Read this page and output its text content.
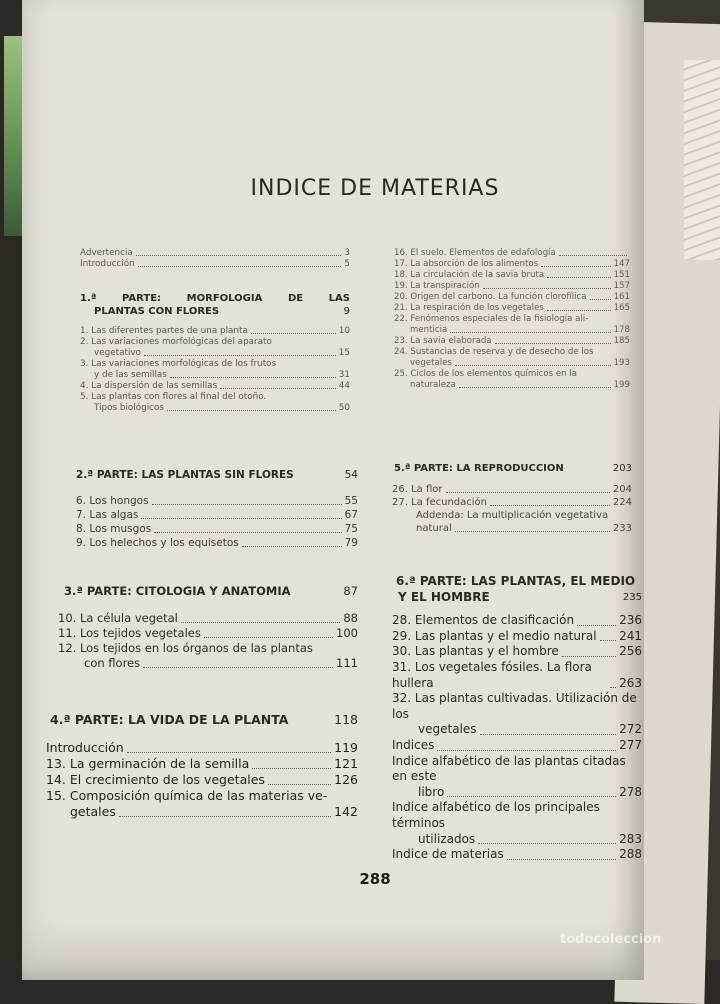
INDICE DE MATERIAS
Advertencia	3
Introducción	5
1.ª PARTE: MORFOLOGIA DE LAS
PLANTAS CON FLORES	9
1. Las diferentes partes de una planta	10
2. Las variaciones morfológicas del aparato
vegetativo	15
3. Las variaciones morfológicas de los frutos
y de las semillas	31
4. La dispersión de las semillas	44
5. Las plantas con flores al final del otoño.
Tipos biológicos	50
2.ª PARTE: LAS PLANTAS SIN FLORES	54
6. Los hongos	55
7. Las algas	67
8. Los musgos	75
9. Los helechos y los equisetos	79
3.ª PARTE: CITOLOGIA Y ANATOMIA	87
10. La célula vegetal	88
11. Los tejidos vegetales	100
12. Los tejidos en los órganos de las plantas
con flores	111
4.ª PARTE: LA VIDA DE LA PLANTA	118
Introducción	119
13. La germinación de la semilla	121
14. El crecimiento de los vegetales	126
15. Composición química de las materias ve-
getales	142
16. El suelo. Elementos de edafología
17. La absorción de los alimentos	147
18. La circulación de la savia bruta	151
19. La transpiración	157
20. Origen del carbono. La función clorofílica	161
21. La respiración de los vegetales	165
22. Fenómenos especiales de la fisiología ali-
menticia	178
23. La savia elaborada	185
24. Sustancias de reserva y de desecho de los
vegetales	193
25. Ciclos de los elementos químicos en la
naturaleza	199
5.ª PARTE: LA REPRODUCCION	203
26. La flor	204
27. La fecundación	224
Addenda: La multiplicación vegetativa
natural	233
6.ª PARTE: LAS PLANTAS, EL MEDIO
Y EL HOMBRE	235
28. Elementos de clasificación	236
29. Las plantas y el medio natural 241
30. Las plantas y el hombre	256
31. Los vegetales fósiles. La flora hullera	263
32. Las plantas cultivadas. Utilización de los
vegetales	272
Indices	277
Indice alfabético de las plantas citadas en este
libro	278
Indice alfabético de los principales términos
utilizados	283
Indice de materias	288
288
todocoleccion
